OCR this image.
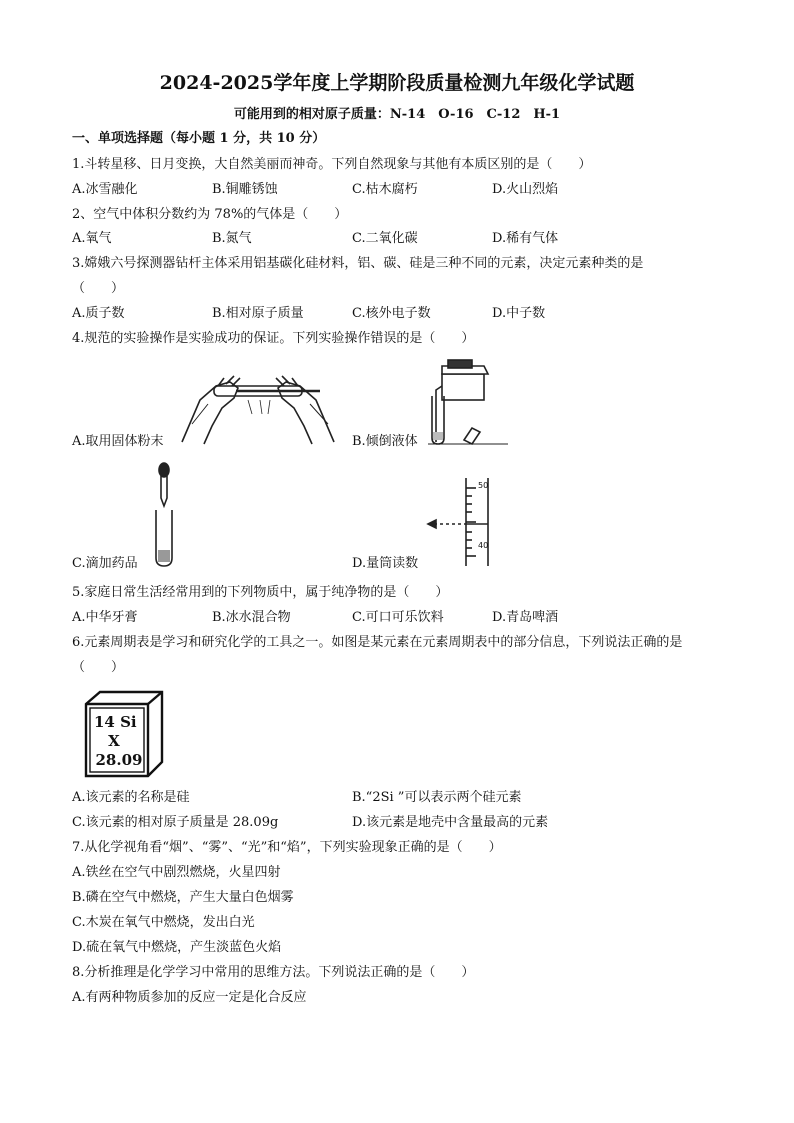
2024-2025学年度上学期阶段质量检测九年级化学试题
可能用到的相对原子质量：N-14　O-16　C-12　H-1
一、单项选择题（每小题 1 分，共 10 分）
1.斗转星移、日月变换，大自然美丽而神奇。下列自然现象与其他有本质区别的是（　　）
A.冰雪融化	B.铜雕锈蚀	C.枯木腐朽	D.火山烈焰
2、空气中体积分数约为 78%的气体是（　　）
A.氧气	B.氮气	C.二氧化碳	D.稀有气体
3.嫦娥六号探测器钻杆主体采用铝基碳化硅材料，铝、碳、硅是三种不同的元素，决定元素种类的是
（　　）
A.质子数	B.相对原子质量	C.核外电子数	D.中子数
4.规范的实验操作是实验成功的保证。下列实验操作错误的是（　　）
A.取用固体粉末	B.倾倒液体
C.滴加药品
50
40
D.量筒读数
5.家庭日常生活经常用到的下列物质中，属于纯净物的是（　　）
A.中华牙膏	B.冰水混合物	C.可口可乐饮料	D.青岛啤酒
6.元素周期表是学习和研究化学的工具之一。如图是某元素在元素周期表中的部分信息，下列说法正确的是
（　　）
14 Si
X
28.09
A.该元素的名称是硅	B.“2Si ”可以表示两个硅元素
C.该元素的相对原子质量是 28.09g	D.该元素是地壳中含量最高的元素
7.从化学视角看“烟”、“雾”、“光”和“焰”，下列实验现象正确的是（　　）
A.铁丝在空气中剧烈燃烧，火星四射
B.磷在空气中燃烧，产生大量白色烟雾
C.木炭在氧气中燃烧，发出白光
D.硫在氧气中燃烧，产生淡蓝色火焰
8.分析推理是化学学习中常用的思维方法。下列说法正确的是（　　）
A.有两种物质参加的反应一定是化合反应
